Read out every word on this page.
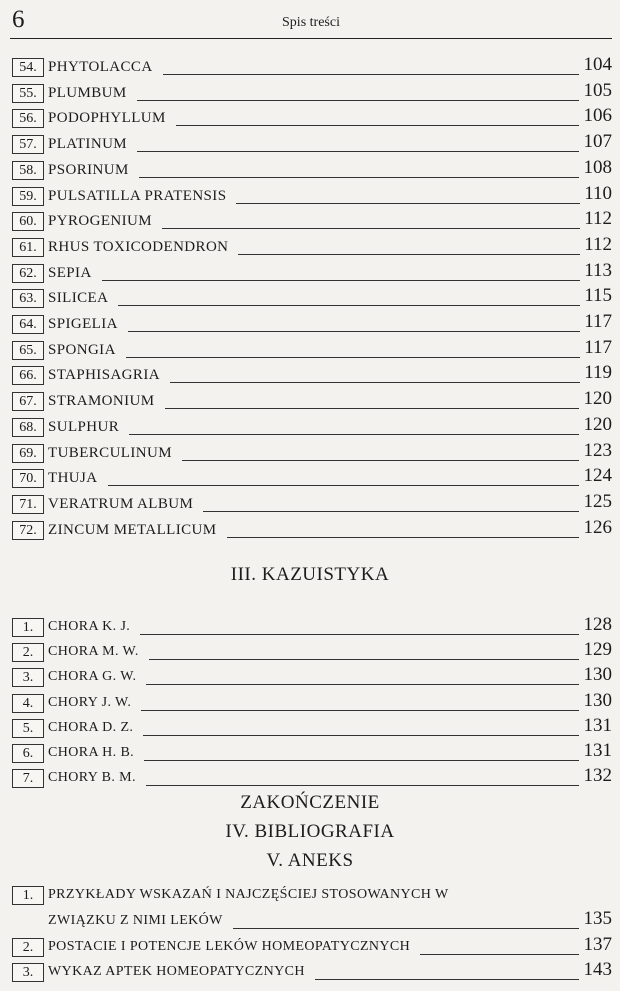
6	Spis treści
54. PHYTOLACCA	104
55. PLUMBUM	105
56. PODOPHYLLUM	106
57. PLATINUM	107
58. PSORINUM	108
59. PULSATILLA PRATENSIS	110
60. PYROGENIUM	112
61. RHUS TOXICODENDRON	112
62. SEPIA	113
63. SILICEA	115
64. SPIGELIA	117
65. SPONGIA	117
66. STAPHISAGRIA	119
67. STRAMONIUM	120
68. SULPHUR	120
69. TUBERCULINUM	123
70. THUJA	124
71. VERATRUM ALBUM	125
72. ZINCUM METALLICUM	126
III. KAZUISTYKA
1.	CHORA K. J.	128
2.	CHORA M. W.	129
3.	CHORA G. W.	130
4.	CHORY J. W.	130
5.	CHORA D. Z.	131
6.	CHORA H. B.	131
7.	CHORY B. M.	132
ZAKOŃCZENIE
IV. BIBLIOGRAFIA
V. ANEKS
1.	PRZYKŁADY WSKAZAŃ I NAJCZĘŚCIEJ STOSOWANYCH W
ZWIĄZKU Z NIMI LEKÓW	135
2.	POSTACIE I POTENCJE LEKÓW HOMEOPATYCZNYCH	137
3.	WYKAZ APTEK HOMEOPATYCZNYCH	143
